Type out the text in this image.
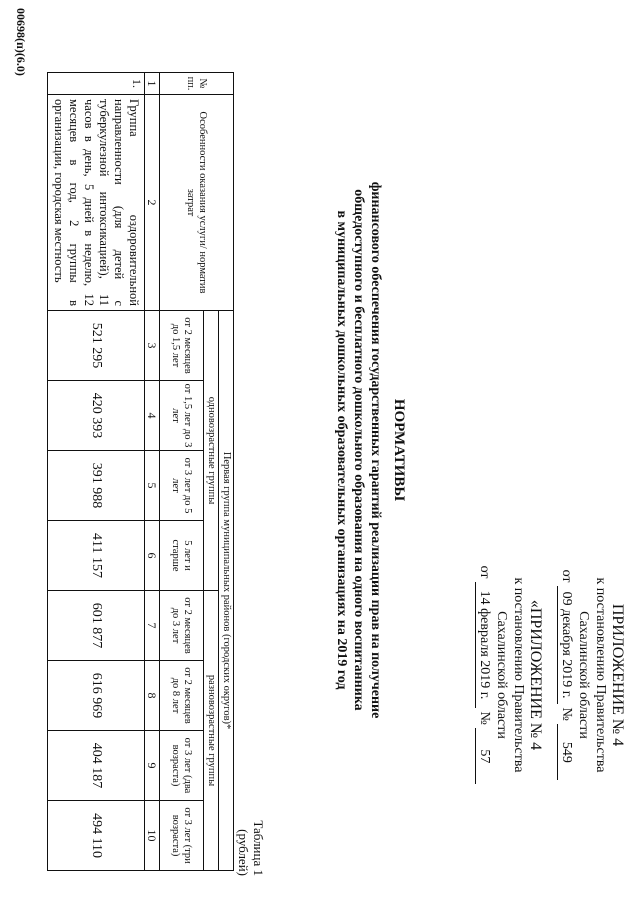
ПРИЛОЖЕНИЕ № 4
к постановлению Правительства
Сахалинской области
от 09 декабря 2019 г. № 549
«ПРИЛОЖЕНИЕ № 4
к постановлению Правительства
Сахалинской области
от 14 февраля 2019 г. № 57
НОРМАТИВЫ
финансового обеспечения государственных гарантий реализации прав на получение
общедоступного и бесплатного дошкольного образования на одного воспитанника
в муниципальных дошкольных образовательных организациях на 2019 год
Таблица 1
(рублей)
№ пп.	Особенности оказания услуги/ норматив затрат	Первая группа муниципальных районов (городских округов)*							
		одновозрастные группы				разновозрастные группы			
		от 2 месяцев до 1,5 лет	от 1,5 лет до 3 лет	от 3 лет до 5 лет	5 лет и старше	от 2 месяцев до 3 лет	от 2 месяцев до 8 лет	от 3 лет (два возраста)	от 3 лет (три возраста)
1	2	3	4	5	6	7	8	9	10
1.	Группа оздоровительной направленности (для детей с туберкулезной интоксикацией), 11 часов в день, 5 дней в неделю, 12 месяцев в год, 2 группы в организации, городская местность	521 295	420 393	391 988	411 157	601 877	616 969	404 187	494 110
00698(п)(6.0)
